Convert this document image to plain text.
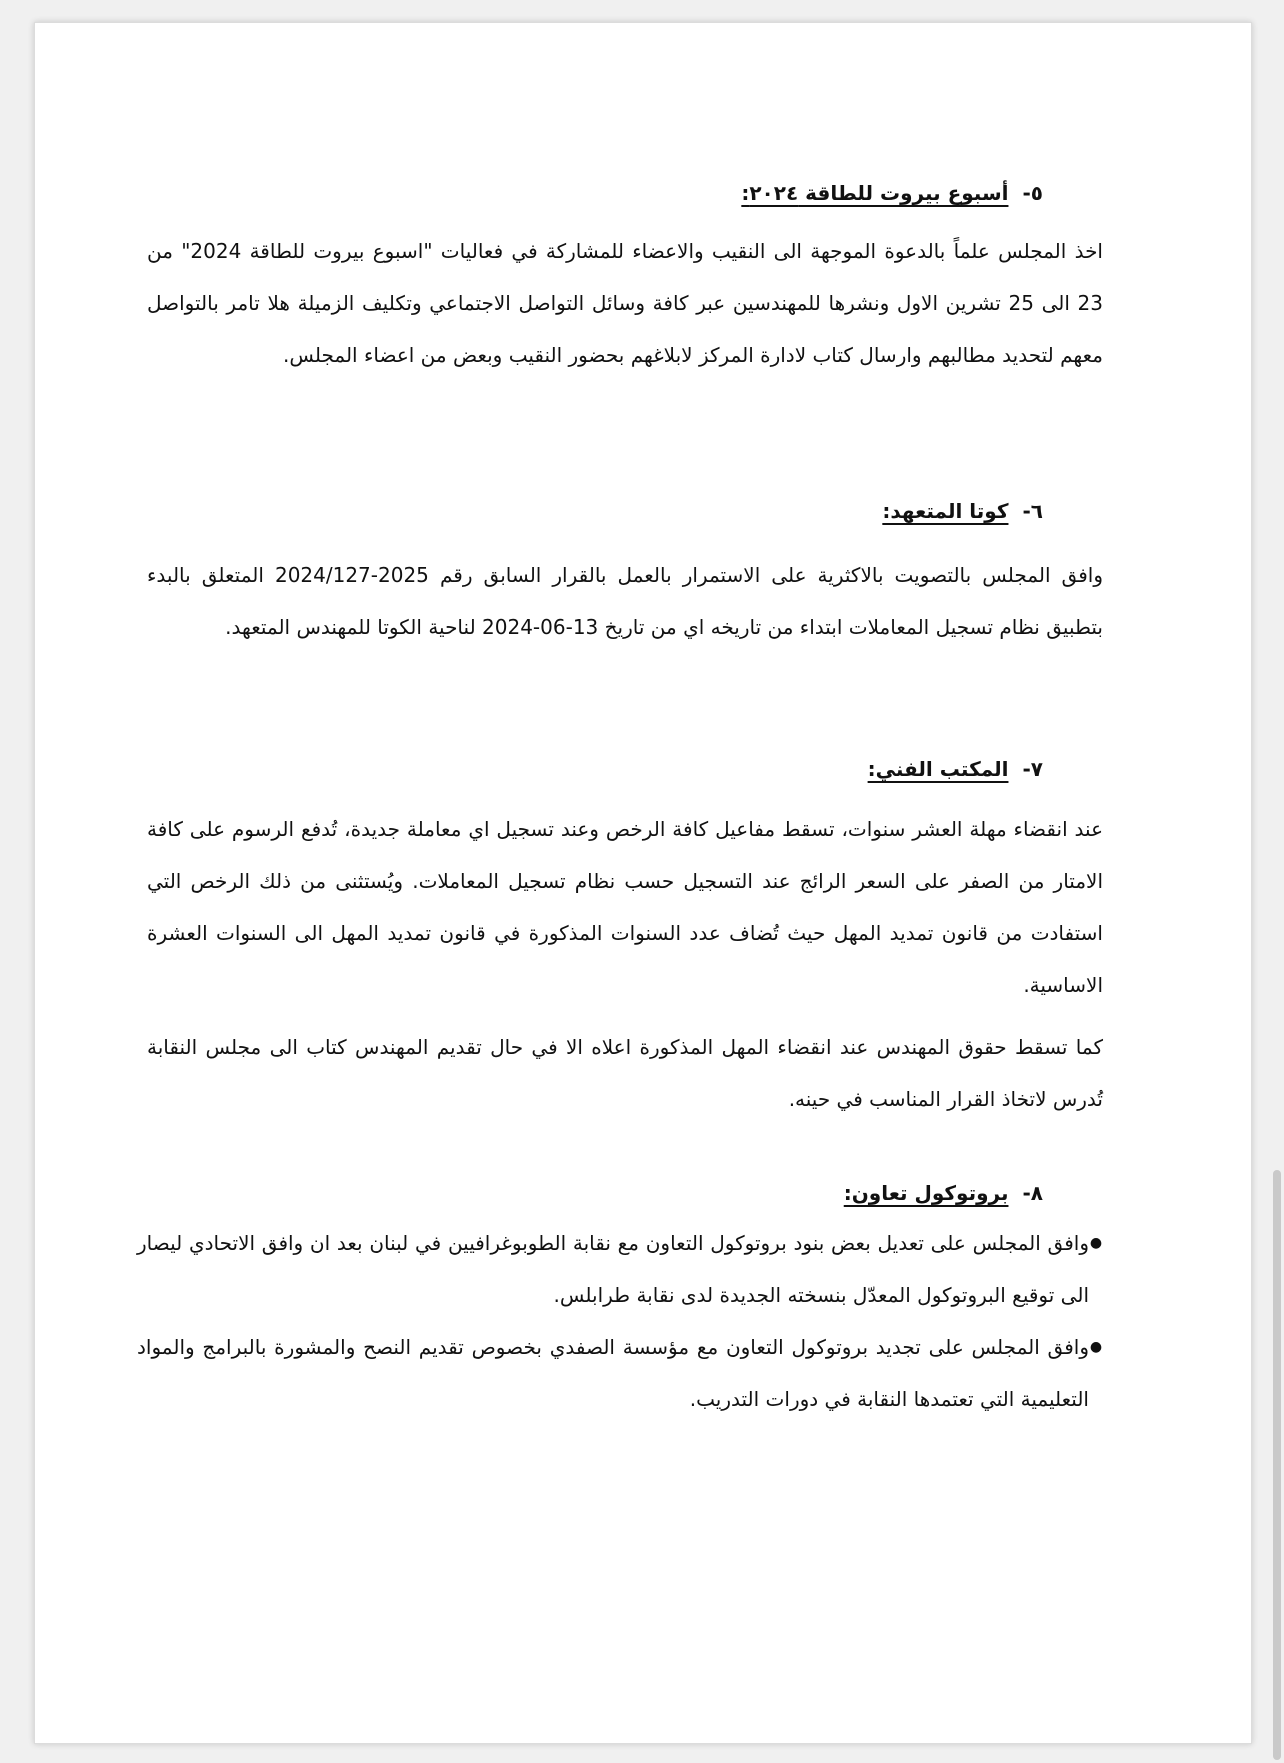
٥-أسبوع بيروت للطاقة ٢٠٢٤:

اخذ المجلس علماً بالدعوة الموجهة الى النقيب والاعضاء للمشاركة في فعاليات "اسبوع بيروت للطاقة 2024" من 23 الى 25 تشرين الاول ونشرها للمهندسين عبر كافة وسائل التواصل الاجتماعي وتكليف الزميلة هلا تامر بالتواصل معهم لتحديد مطالبهم وارسال كتاب لادارة المركز لابلاغهم بحضور النقيب وبعض من اعضاء المجلس.

٦-كوتا المتعهد:

وافق المجلس بالتصويت بالاكثرية على الاستمرار بالعمل بالقرار السابق رقم 2025-2024/127 المتعلق بالبدء بتطبيق نظام تسجيل المعاملات ابتداء من تاريخه اي من تاريخ 13-06-2024 لناحية الكوتا للمهندس المتعهد.

٧-المكتب الفني:

عند انقضاء مهلة العشر سنوات، تسقط مفاعيل كافة الرخص وعند تسجيل اي معاملة جديدة، تُدفع الرسوم على كافة الامتار من الصفر على السعر الرائج عند التسجيل حسب نظام تسجيل المعاملات. ويُستثنى من ذلك الرخص التي استفادت من قانون تمديد المهل حيث تُضاف عدد السنوات المذكورة في قانون تمديد المهل الى السنوات العشرة الاساسية.

كما تسقط حقوق المهندس عند انقضاء المهل المذكورة اعلاه الا في حال تقديم المهندس كتاب الى مجلس النقابة تُدرس لاتخاذ القرار المناسب في حينه.

٨-بروتوكول تعاون:
●
وافق المجلس على تعديل بعض بنود بروتوكول التعاون مع نقابة الطوبوغرافيين في لبنان بعد ان وافق الاتحادي ليصار الى توقيع البروتوكول المعدّل بنسخته الجديدة لدى نقابة طرابلس.
●
وافق المجلس على تجديد بروتوكول التعاون مع مؤسسة الصفدي بخصوص تقديم النصح والمشورة بالبرامج والمواد التعليمية التي تعتمدها النقابة في دورات التدريب.
